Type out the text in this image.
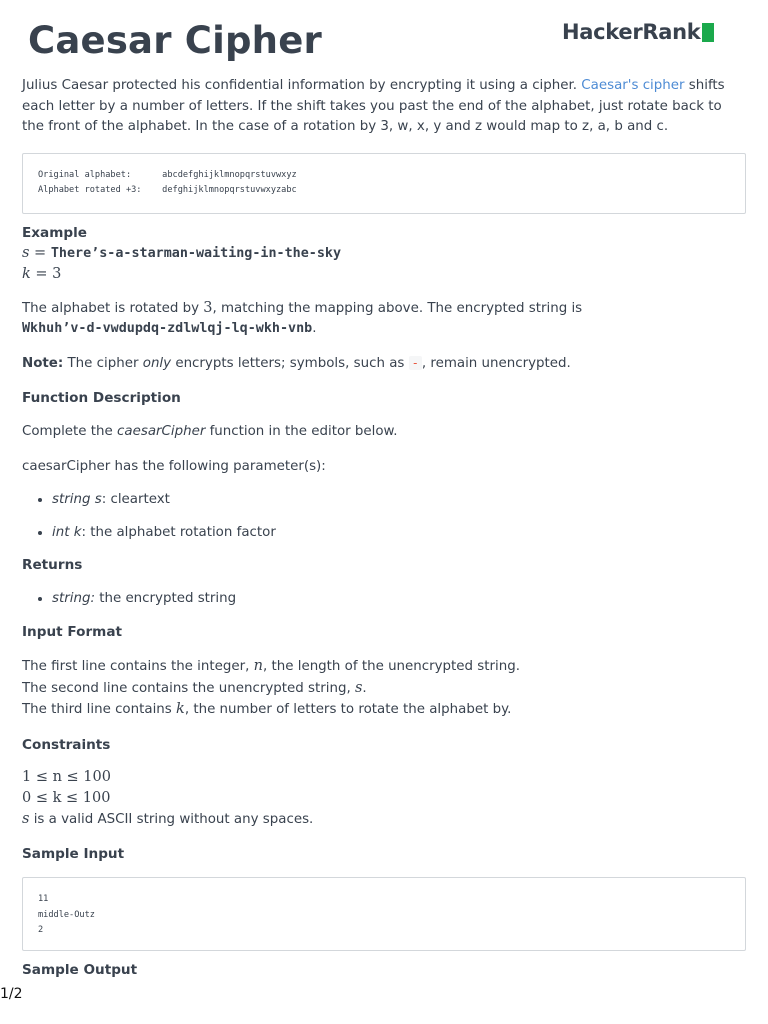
Caesar Cipher	HackerRank

Julius Caesar protected his confidential information by encrypting it using a cipher. Caesar's cipher shifts each letter by a number of letters. If the shift takes you past the end of the alphabet, just rotate back to the front of the alphabet. In the case of a rotation by 3, w, x, y and z would map to z, a, b and c.

Original alphabet:      abcdefghijklmnopqrstuvwxyz
Alphabet rotated +3:    defghijklmnopqrstuvwxyzabc
Example
s = There’s-a-starman-waiting-in-the-sky
k = 3

The alphabet is rotated by 3, matching the mapping above. The encrypted string is
Wkhuh’v-d-vwdupdq-zdlwlqj-lq-wkh-vnb.

Note: The cipher only encrypts letters; symbols, such as - , remain unencrypted.

Function Description

Complete the caesarCipher function in the editor below.

caesarCipher has the following parameter(s):

• string s: cleartext
• int k: the alphabet rotation factor
Returns
• string: the encrypted string
Input Format

The first line contains the integer, n, the length of the unencrypted string.
The second line contains the unencrypted string, s.
The third line contains k, the number of letters to rotate the alphabet by.

Constraints
1 ≤ n ≤ 100
0 ≤ k ≤ 100

s is a valid ASCII string without any spaces.

Sample Input
11
middle-Outz
2
Sample Output
1/2
